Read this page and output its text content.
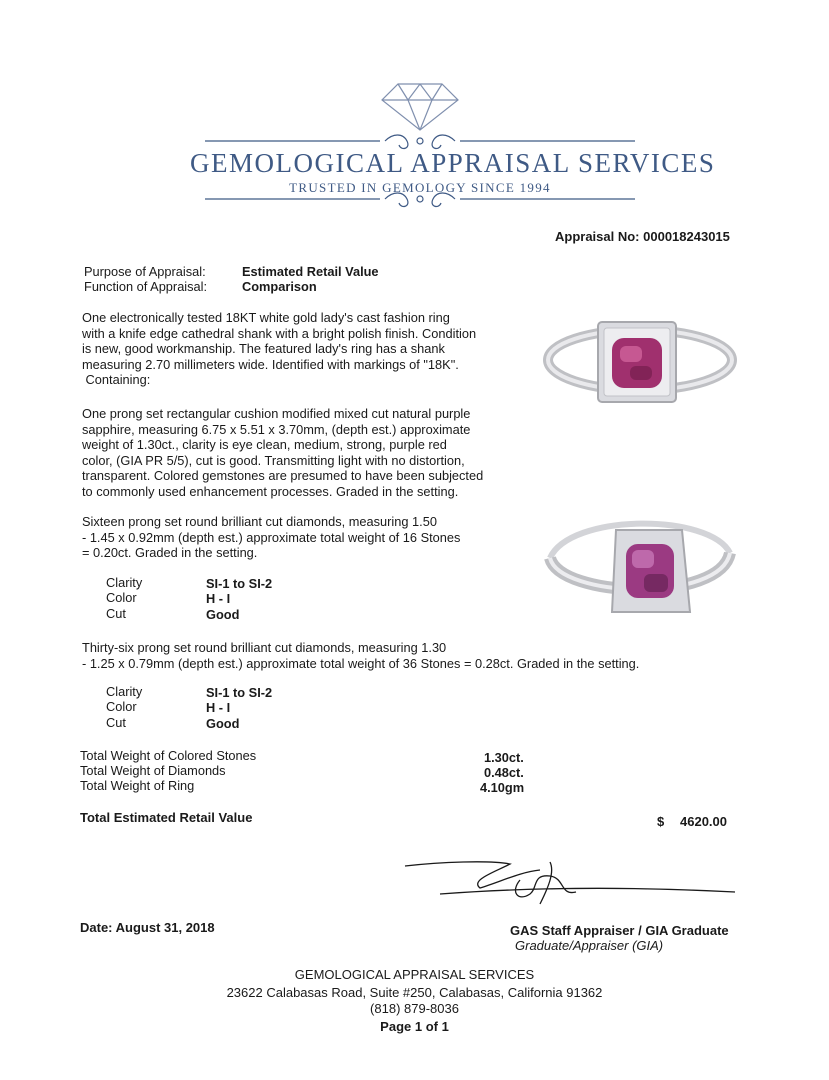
GEMOLOGICAL APPRAISAL SERVICES
TRUSTED IN GEMOLOGY SINCE 1994
Appraisal No: 000018243015
Purpose of Appraisal:	Estimated Retail Value
Function of Appraisal:	Comparison
One electronically tested 18KT white gold lady's cast fashion ring
with a knife edge cathedral shank with a bright polish finish. Condition
is new, good workmanship. The featured lady's ring has a shank
measuring 2.70 millimeters wide. Identified with markings of "18K".
Containing:
One prong set rectangular cushion modified mixed cut natural purple
sapphire, measuring 6.75 x 5.51 x 3.70mm, (depth est.) approximate
weight of 1.30ct., clarity is eye clean, medium, strong, purple red
color, (GIA PR 5/5), cut is good. Transmitting light with no distortion,
transparent. Colored gemstones are presumed to have been subjected
to commonly used enhancement processes. Graded in the setting.
Sixteen prong set round brilliant cut diamonds, measuring 1.50
- 1.45 x 0.92mm (depth est.) approximate total weight of 16 Stones
= 0.20ct. Graded in the setting.
Clarity	SI-1 to SI-2
Color	H - I
Cut	Good
Thirty-six prong set round brilliant cut diamonds, measuring 1.30
- 1.25 x 0.79mm (depth est.) approximate total weight of 36 Stones = 0.28ct. Graded in the setting.
Clarity	SI-1 to SI-2
Color	H - I
Cut	Good
Total Weight of Colored Stones	1.30ct.
Total Weight of Diamonds	0.48ct.
Total Weight of Ring	4.10gm
Total Estimated Retail Value	$ 4620.00
GAS Staff Appraiser / GIA Graduate
Graduate/Appraiser (GIA)
Date: August 31, 2018
GEMOLOGICAL APPRAISAL SERVICES
23622 Calabasas Road, Suite #250, Calabasas, California 91362
(818) 879-8036
Page 1 of 1
